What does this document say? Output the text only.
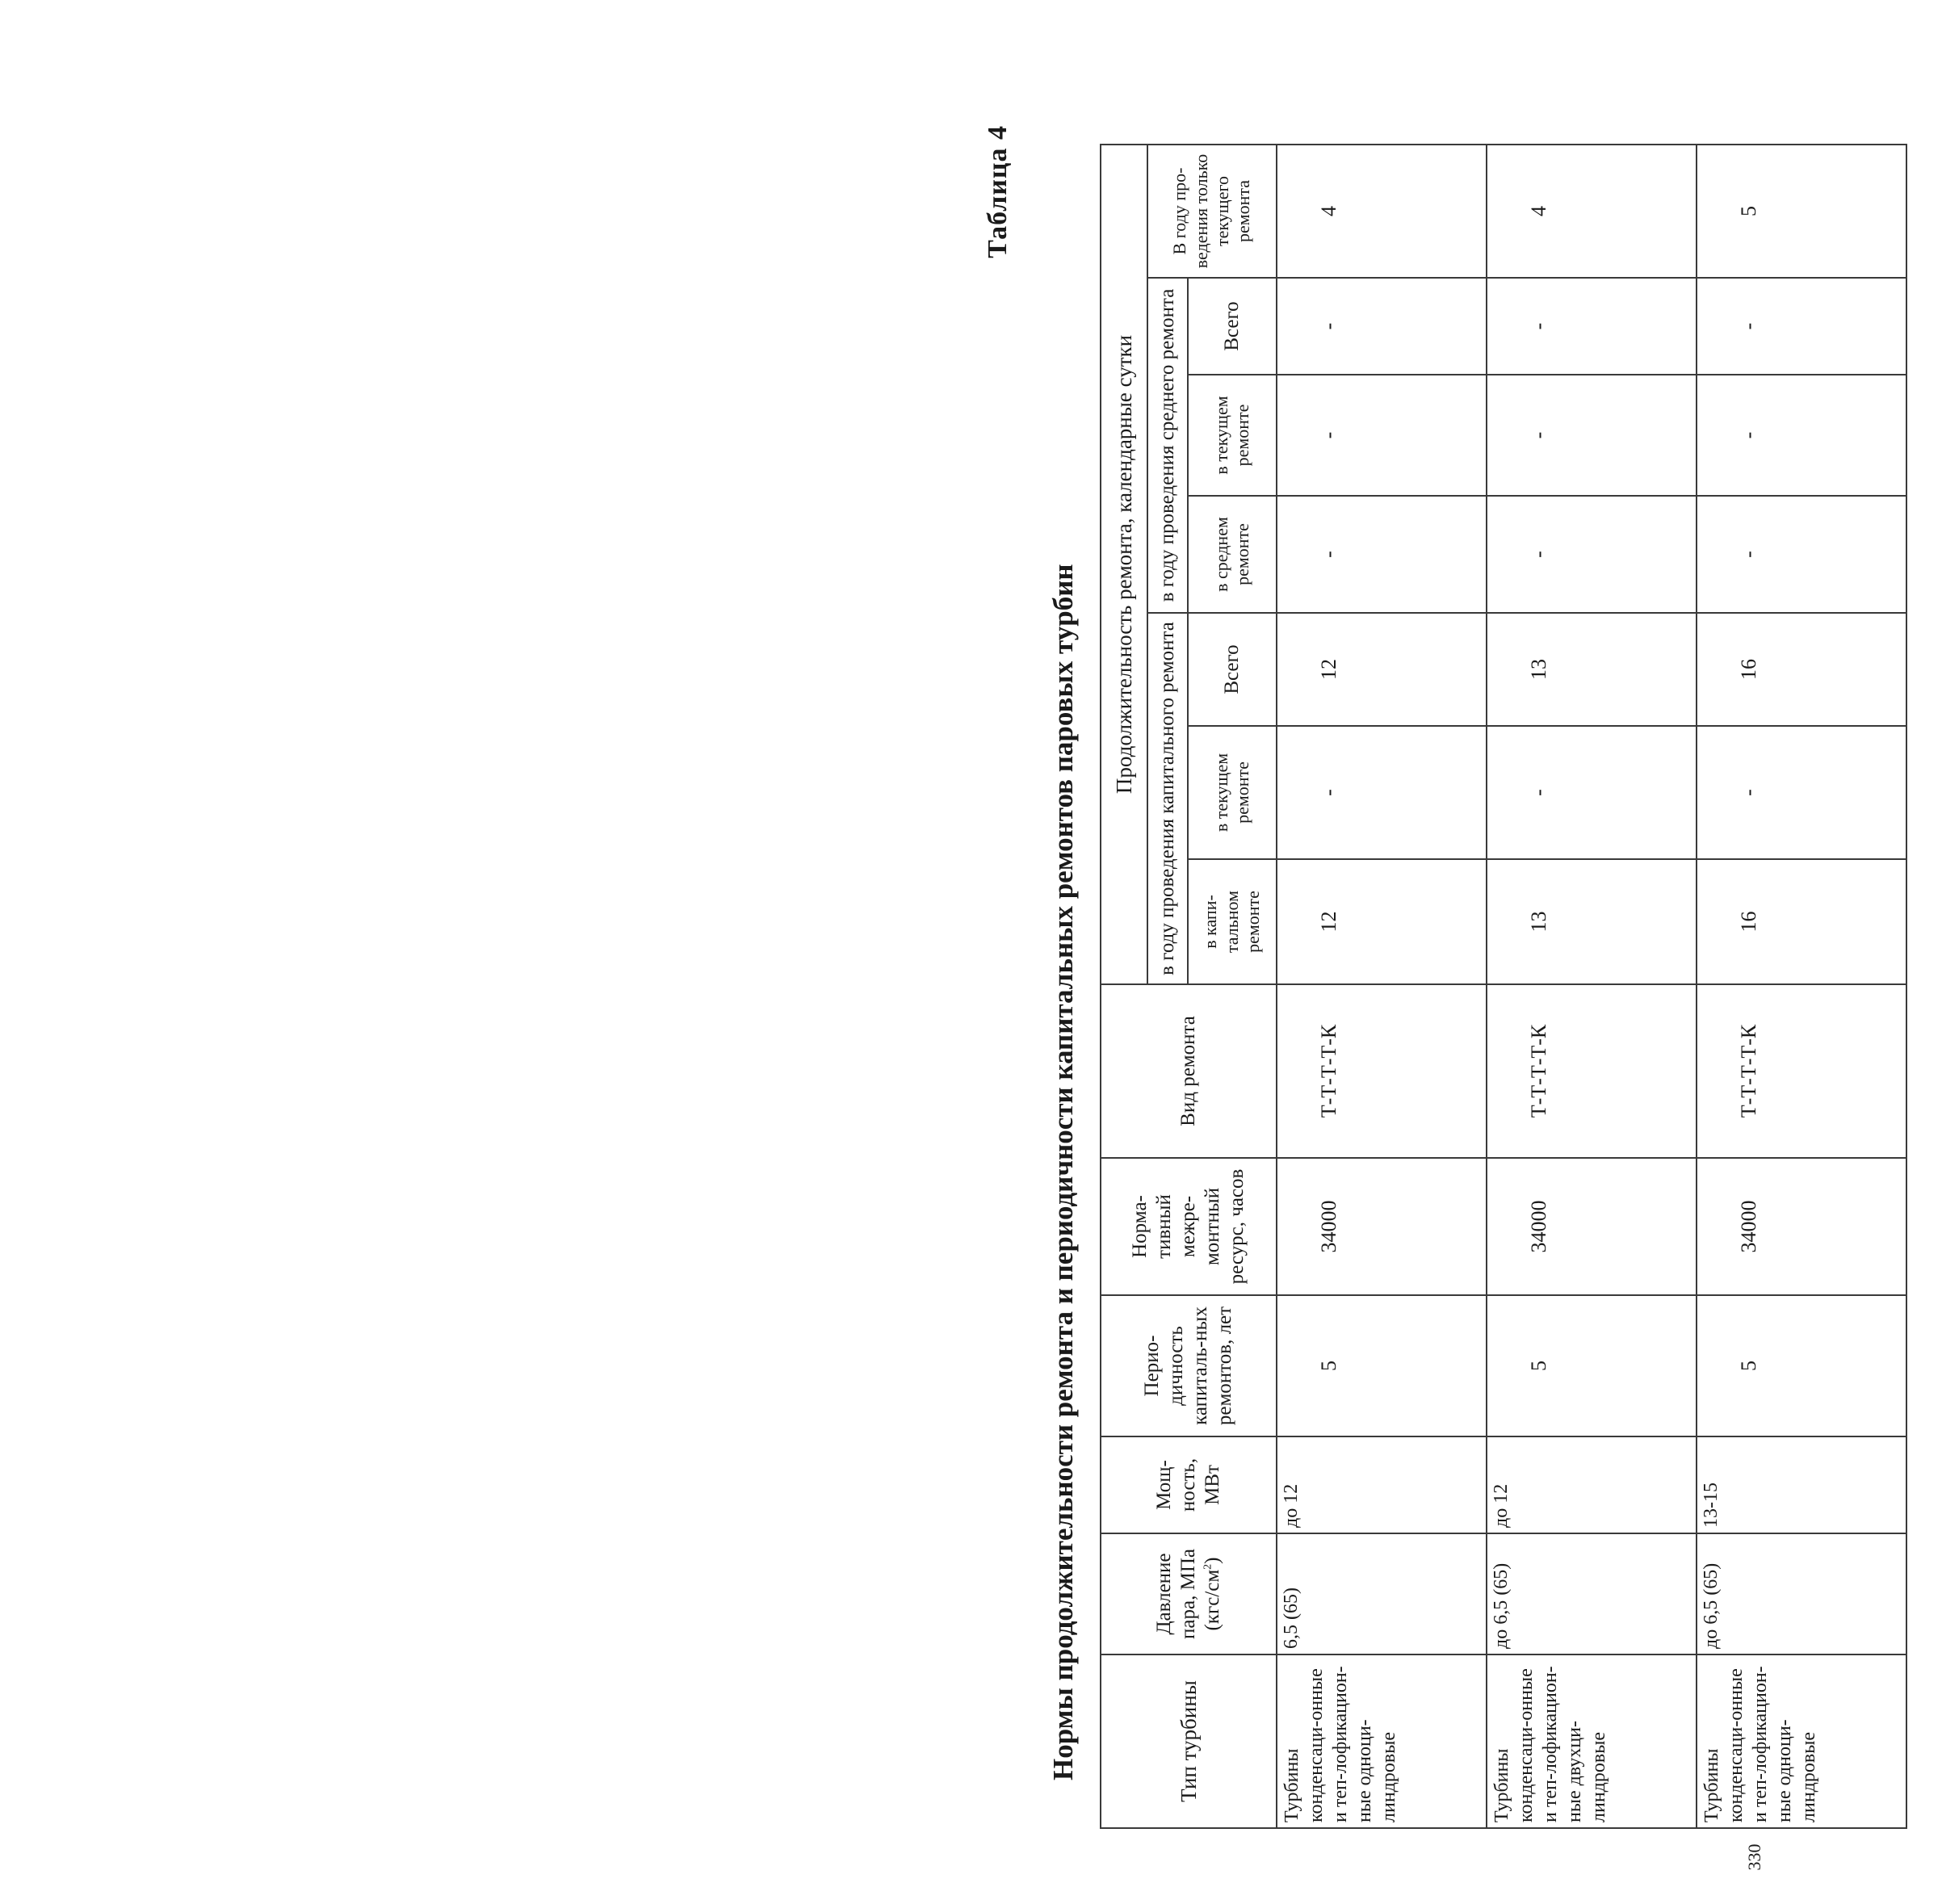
Таблица 4
Нормы продолжительности ремонта и периодичности капитальных ремонтов паровых турбин
330
Тип турбины	Давление пара, МПа $(кгс/см^2)$	Мощ-ность, МВт	Перио-дичность капиталь-ных ремонтов, лет	Норма-тивный межре-монтный ресурс, часов	Вид ремонта	Продолжительность ремонта, календарные сутки						
						в году проведения капитального ремонта			в году проведения среднего ремонта			В году про-ведения только текущего ремонта
						в капи-тальном ремонте	в текущем ремонте	Всего	в среднем ремонте	в текущем ремонте	Всего	
Турбины конденсаци-онные и теп-лофикацион-ные одноци-линдровые	6,5 (65)	до 12	5	34000	Т-Т-Т-Т-К	12	-	12	-	-	-	4
Турбины конденсаци-онные и теп-лофикацион-ные двухци-линдровые	до 6,5 (65)	до 12	5	34000	Т-Т-Т-Т-К	13	-	13	-	-	-	4
Турбины конденсаци-онные и теп-лофикацион-ные одноци-линдровые	до 6,5 (65)	13-15	5	34000	Т-Т-Т-Т-К	16	-	16	-	-	-	5
